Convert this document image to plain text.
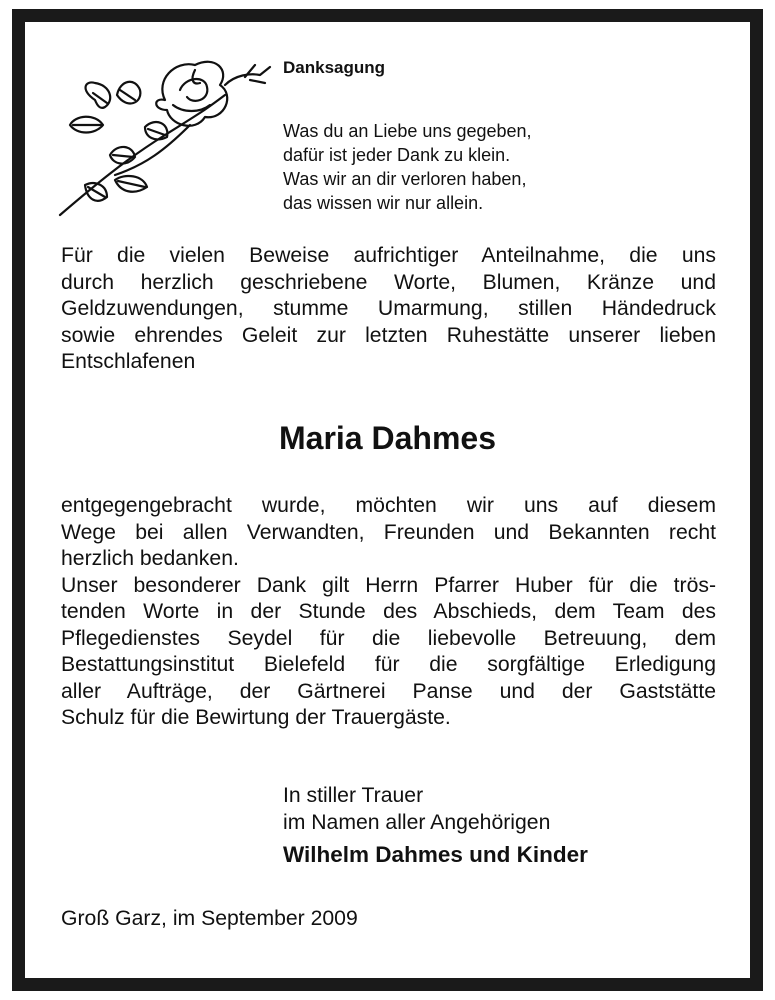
Danksagung
Was du an Liebe uns gegeben,
dafür ist jeder Dank zu klein.
Was wir an dir verloren haben,
das wissen wir nur allein.
Für die vielen Beweise aufrichtiger Anteilnahme, die uns
durch herzlich geschriebene Worte, Blumen, Kränze und
Geldzuwendungen, stumme Umarmung, stillen Händedruck
sowie ehrendes Geleit zur letzten Ruhestätte unserer lieben
Entschlafenen
Maria Dahmes
entgegengebracht wurde, möchten wir uns auf diesem
Wege bei allen Verwandten, Freunden und Bekannten recht
herzlich bedanken.
Unser besonderer Dank gilt Herrn Pfarrer Huber für die trös-
tenden Worte in der Stunde des Abschieds, dem Team des
Pflegedienstes Seydel für die liebevolle Betreuung, dem
Bestattungsinstitut Bielefeld für die sorgfältige Erledigung
aller Aufträge, der Gärtnerei Panse und der Gaststätte
Schulz für die Bewirtung der Trauergäste.
In stiller Trauer
im Namen aller Angehörigen
Wilhelm Dahmes und Kinder
Groß Garz, im September 2009
